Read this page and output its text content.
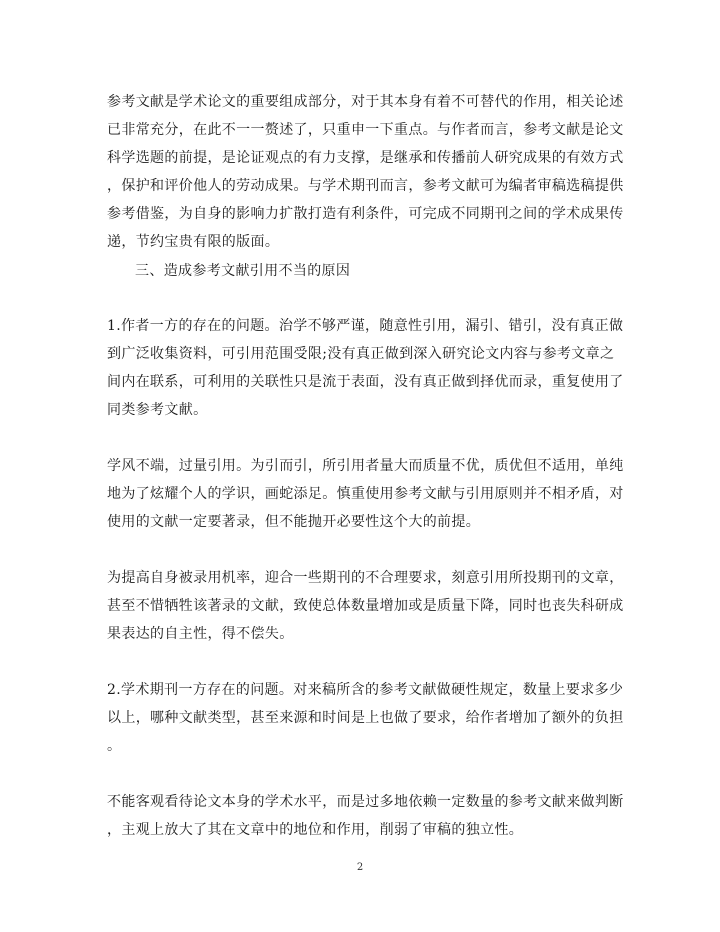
参考文献是学术论文的重要组成部分，对于其本身有着不可替代的作用，相关论述
已非常充分，在此不一一赘述了，只重申一下重点。与作者而言，参考文献是论文
科学选题的前提，是论证观点的有力支撑，是继承和传播前人研究成果的有效方式
，保护和评价他人的劳动成果。与学术期刊而言，参考文献可为编者审稿选稿提供
参考借鉴，为自身的影响力扩散打造有利条件，可完成不同期刊之间的学术成果传
递，节约宝贵有限的版面。
三、造成参考文献引用不当的原因
1.作者一方的存在的问题。治学不够严谨，随意性引用，漏引、错引，没有真正做
到广泛收集资料，可引用范围受限;没有真正做到深入研究论文内容与参考文章之
间内在联系，可利用的关联性只是流于表面，没有真正做到择优而录，重复使用了
同类参考文献。
学风不端，过量引用。为引而引，所引用者量大而质量不优，质优但不适用，单纯
地为了炫耀个人的学识，画蛇添足。慎重使用参考文献与引用原则并不相矛盾，对
使用的文献一定要著录，但不能抛开必要性这个大的前提。
为提高自身被录用机率，迎合一些期刊的不合理要求，刻意引用所投期刊的文章，
甚至不惜牺牲该著录的文献，致使总体数量增加或是质量下降，同时也丧失科研成
果表达的自主性，得不偿失。
2.学术期刊一方存在的问题。对来稿所含的参考文献做硬性规定，数量上要求多少
以上，哪种文献类型，甚至来源和时间是上也做了要求，给作者增加了额外的负担
。
不能客观看待论文本身的学术水平，而是过多地依赖一定数量的参考文献来做判断
，主观上放大了其在文章中的地位和作用，削弱了审稿的独立性。
2
